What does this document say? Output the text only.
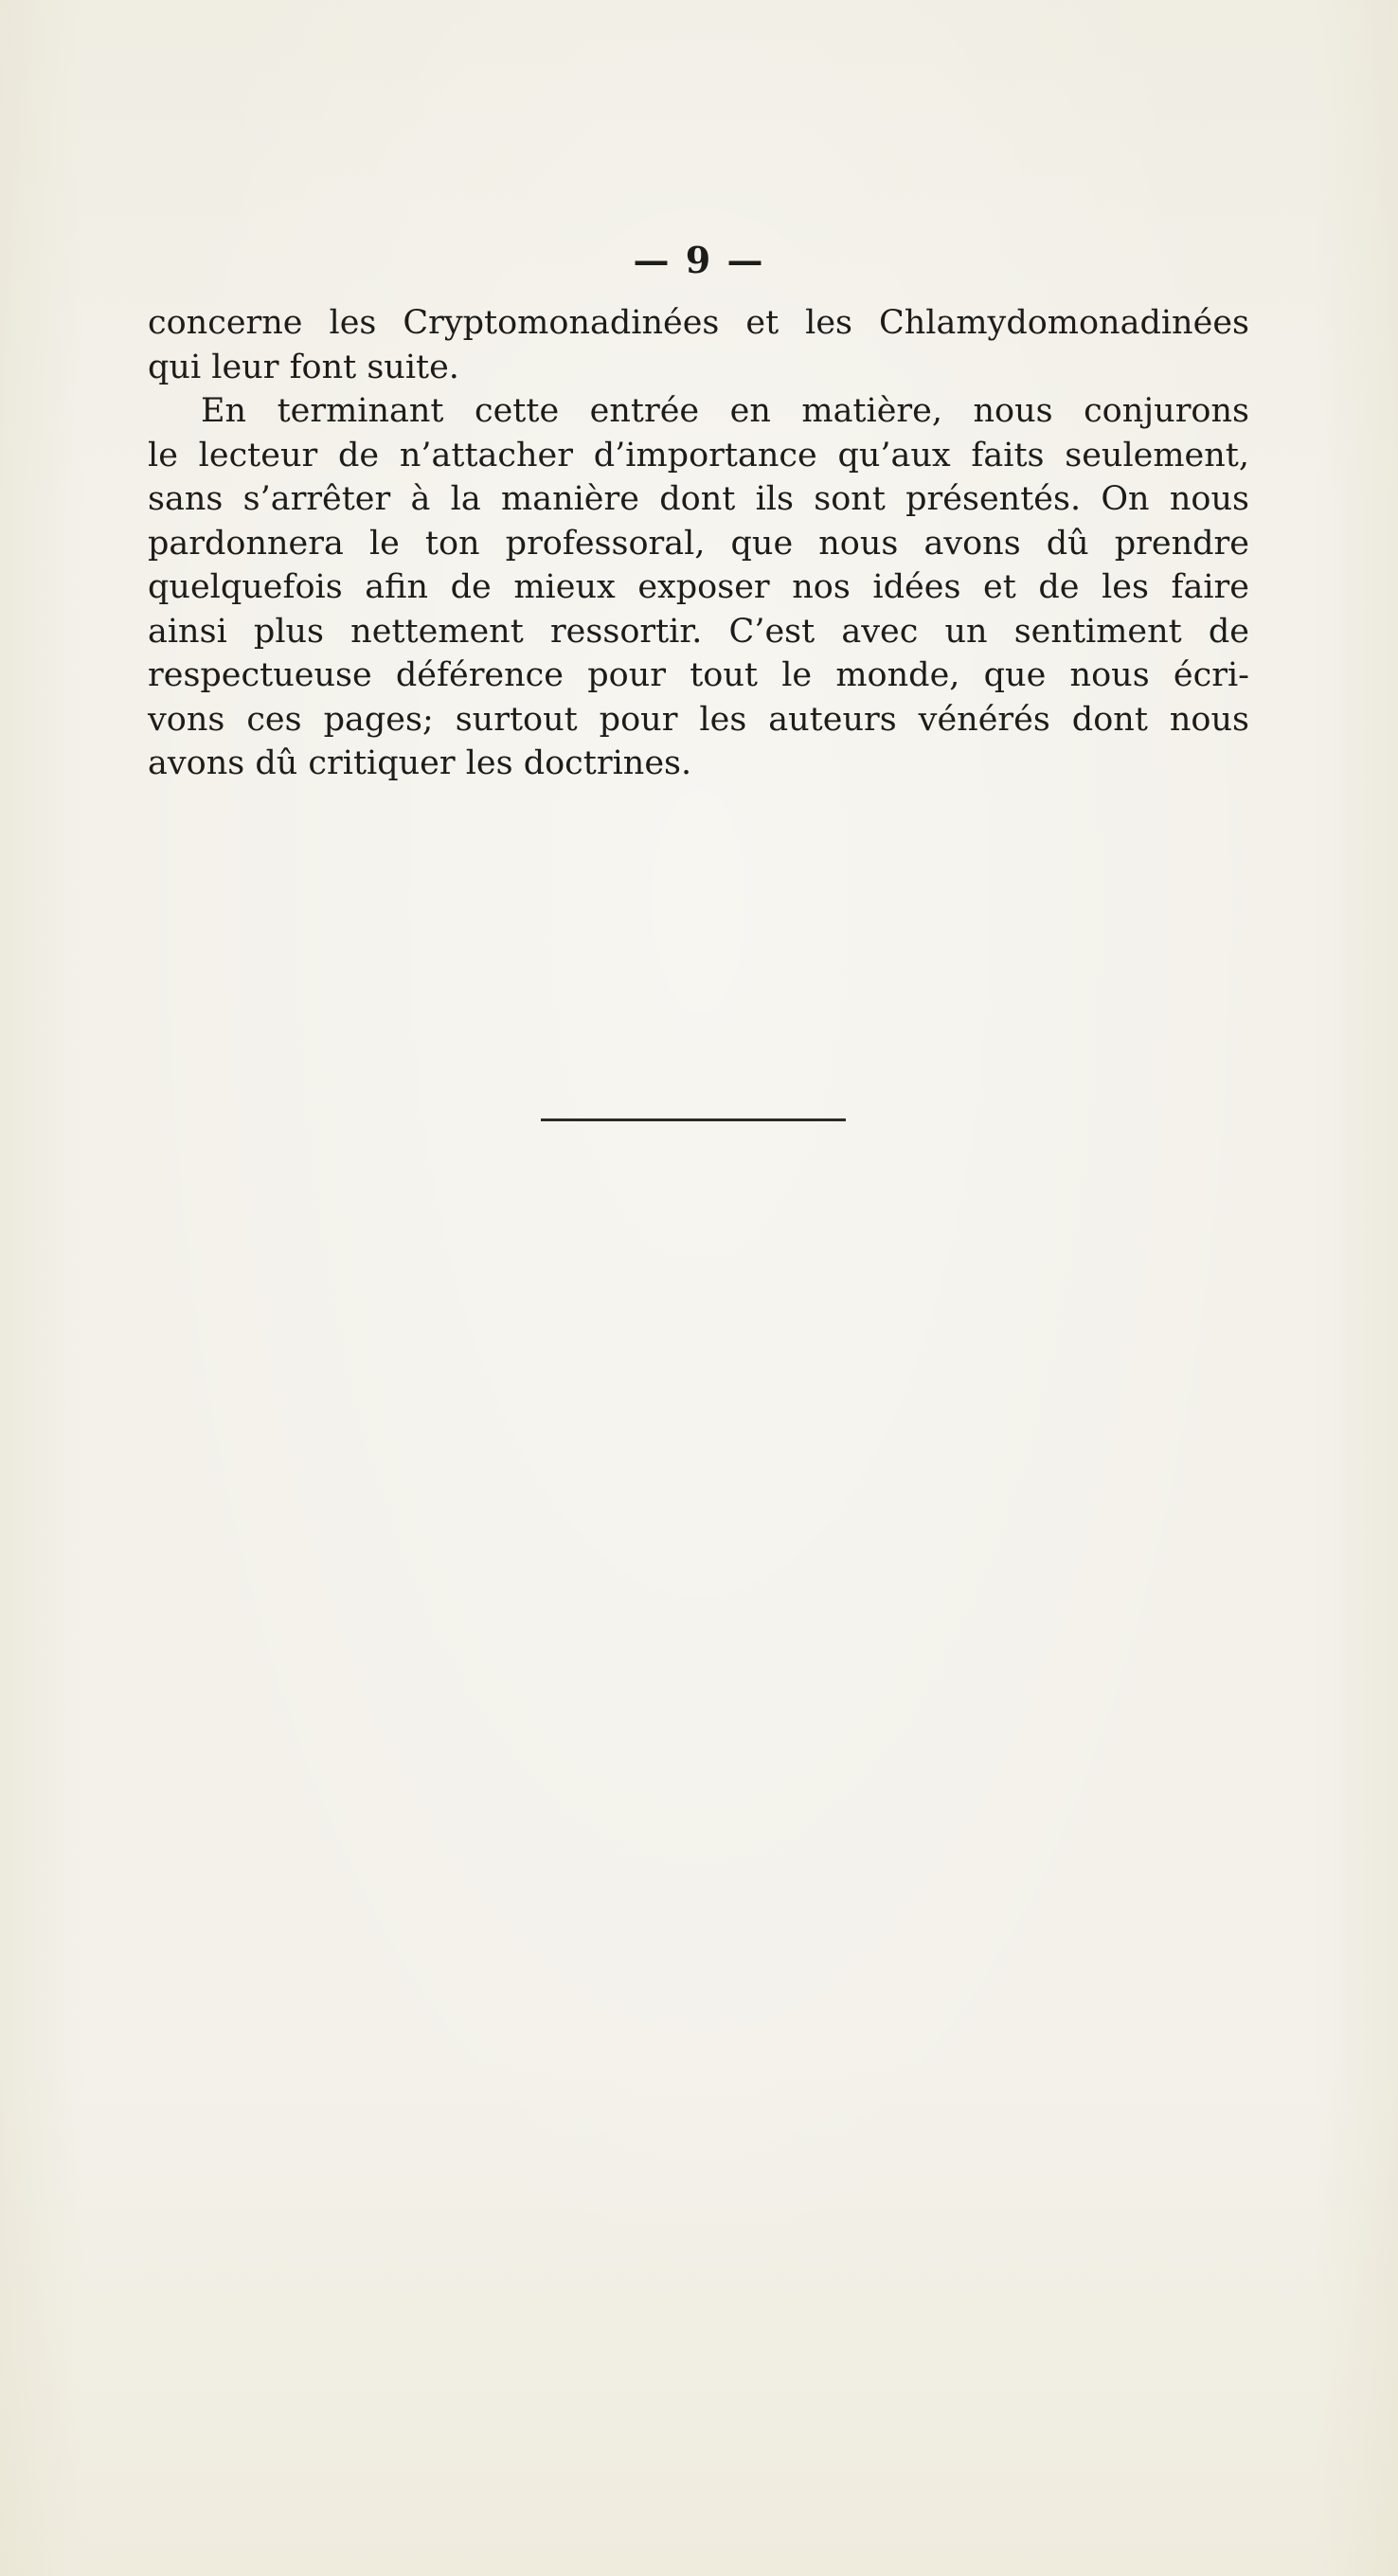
— 9 —
concerne les Cryptomonadinées et les Chlamydomonadinées
qui leur font suite.
En terminant cette entrée en matière, nous conjurons
le lecteur de n’attacher d’importance qu’aux faits seulement,
sans s’arrêter à la manière dont ils sont présentés. On nous
pardonnera le ton professoral, que nous avons dû prendre
quelquefois afin de mieux exposer nos idées et de les faire
ainsi plus nettement ressortir. C’est avec un sentiment de
respectueuse déférence pour tout le monde, que nous écri-
vons ces pages; surtout pour les auteurs vénérés dont nous
avons dû critiquer les doctrines.
